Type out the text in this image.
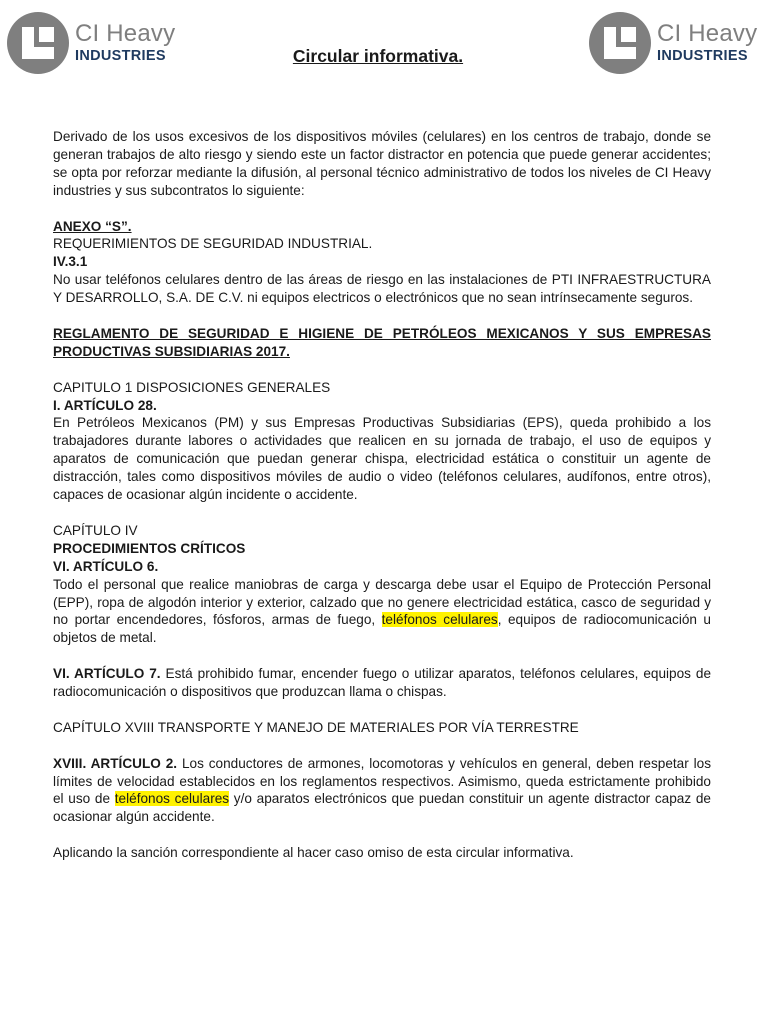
CI Heavy
INDUSTRIES
CI Heavy
INDUSTRIES
Circular informativa.

Derivado de los usos excesivos de los dispositivos móviles (celulares) en los centros de trabajo, donde se generan trabajos de alto riesgo y siendo este un factor distractor en potencia que puede generar accidentes; se opta por reforzar mediante la difusión, al personal técnico administrativo de todos los niveles de CI Heavy industries y sus subcontratos lo siguiente:

ANEXO “S”.

REQUERIMIENTOS DE SEGURIDAD INDUSTRIAL.

IV.3.1

No usar teléfonos celulares dentro de las áreas de riesgo en las instalaciones de PTI INFRAESTRUCTURA Y DESARROLLO, S.A. DE C.V. ni equipos electricos o electrónicos que no sean intrínsecamente seguros.

REGLAMENTO DE SEGURIDAD E HIGIENE DE PETRÓLEOS MEXICANOS Y SUS EMPRESAS PRODUCTIVAS SUBSIDIARIAS 2017.

CAPITULO 1 DISPOSICIONES GENERALES

I. ARTÍCULO 28.

En Petróleos Mexicanos (PM) y sus Empresas Productivas Subsidiarias (EPS), queda prohibido a los trabajadores durante labores o actividades que realicen en su jornada de trabajo, el uso de equipos y aparatos de comunicación que puedan generar chispa, electricidad estática o constituir un agente de distracción, tales como dispositivos móviles de audio o video (teléfonos celulares, audífonos, entre otros), capaces de ocasionar algún incidente o accidente.

CAPÍTULO IV

PROCEDIMIENTOS CRÍTICOS

VI. ARTÍCULO 6.

Todo el personal que realice maniobras de carga y descarga debe usar el Equipo de Protección Personal (EPP), ropa de algodón interior y exterior, calzado que no genere electricidad estática, casco de seguridad y no portar encendedores, fósforos, armas de fuego, teléfonos celulares, equipos de radiocomunicación u objetos de metal.

VI. ARTÍCULO 7. Está prohibido fumar, encender fuego o utilizar aparatos, teléfonos celulares, equipos de radiocomunicación o dispositivos que produzcan llama o chispas.

CAPÍTULO XVIII TRANSPORTE Y MANEJO DE MATERIALES POR VÍA TERRESTRE

XVIII. ARTÍCULO 2. Los conductores de armones, locomotoras y vehículos en general, deben respetar los límites de velocidad establecidos en los reglamentos respectivos. Asimismo, queda estrictamente prohibido el uso de teléfonos celulares y/o aparatos electrónicos que puedan constituir un agente distractor capaz de ocasionar algún accidente.

Aplicando la sanción correspondiente al hacer caso omiso de esta circular informativa.
